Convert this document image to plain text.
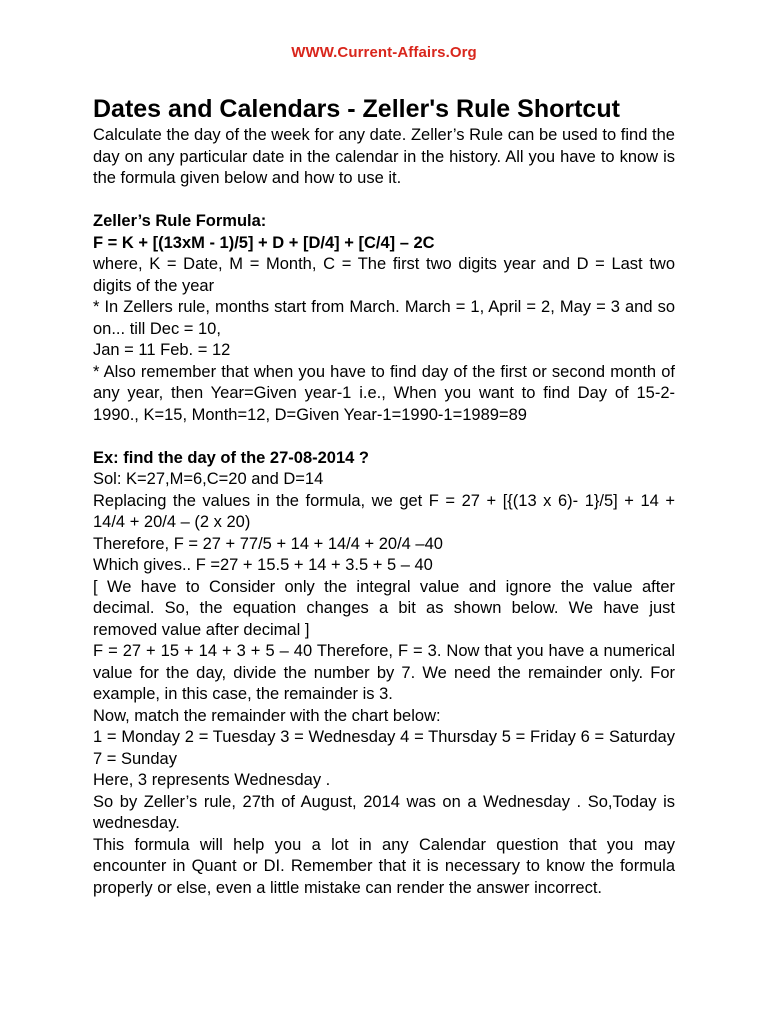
WWW.Current-Affairs.Org
Dates and Calendars - Zeller's Rule Shortcut

Calculate the day of the week for any date. Zeller’s Rule can be used to find the day on any particular date in the calendar in the history. All you have to know is the formula given below and how to use it.

Zeller’s Rule Formula:

F = K + [(13xM - 1)/5] + D + [D/4] + [C/4] – 2C

where, K = Date, M = Month, C = The first two digits year and D = Last two digits of the year

* In Zellers rule, months start from March. March = 1, April = 2, May = 3 and so on... till Dec = 10,

Jan = 11 Feb. = 12

* Also remember that when you have to find day of the first or second month of any year, then Year=Given year-1 i.e., When you want to find Day of 15-2-1990., K=15, Month=12, D=Given Year-1=1990-1=1989=89

Ex: find the day of the 27-08-2014 ?

Sol: K=27,M=6,C=20 and D=14

Replacing the values in the formula, we get F = 27 + [{(13 x 6)- 1}/5] + 14 + 14/4 + 20/4 – (2 x 20)

Therefore, F = 27 + 77/5 + 14 + 14/4 + 20/4 –40

Which gives.. F =27 + 15.5 + 14 + 3.5 + 5 – 40

[ We have to Consider only the integral value and ignore the value after decimal. So, the equation changes a bit as shown below. We have just removed value after decimal ]

F = 27 + 15 + 14 + 3 + 5 – 40 Therefore, F = 3. Now that you have a numerical value for the day, divide the number by 7. We need the remainder only. For example, in this case, the remainder is 3.

Now, match the remainder with the chart below:

1 = Monday 2 = Tuesday 3 = Wednesday 4 = Thursday 5 = Friday 6 = Saturday 7 = Sunday

Here, 3 represents Wednesday .

So by Zeller’s rule, 27th of August, 2014 was on a Wednesday . So,Today is wednesday.

This formula will help you a lot in any Calendar question that you may encounter in Quant or DI. Remember that it is necessary to know the formula properly or else, even a little mistake can render the answer incorrect.
